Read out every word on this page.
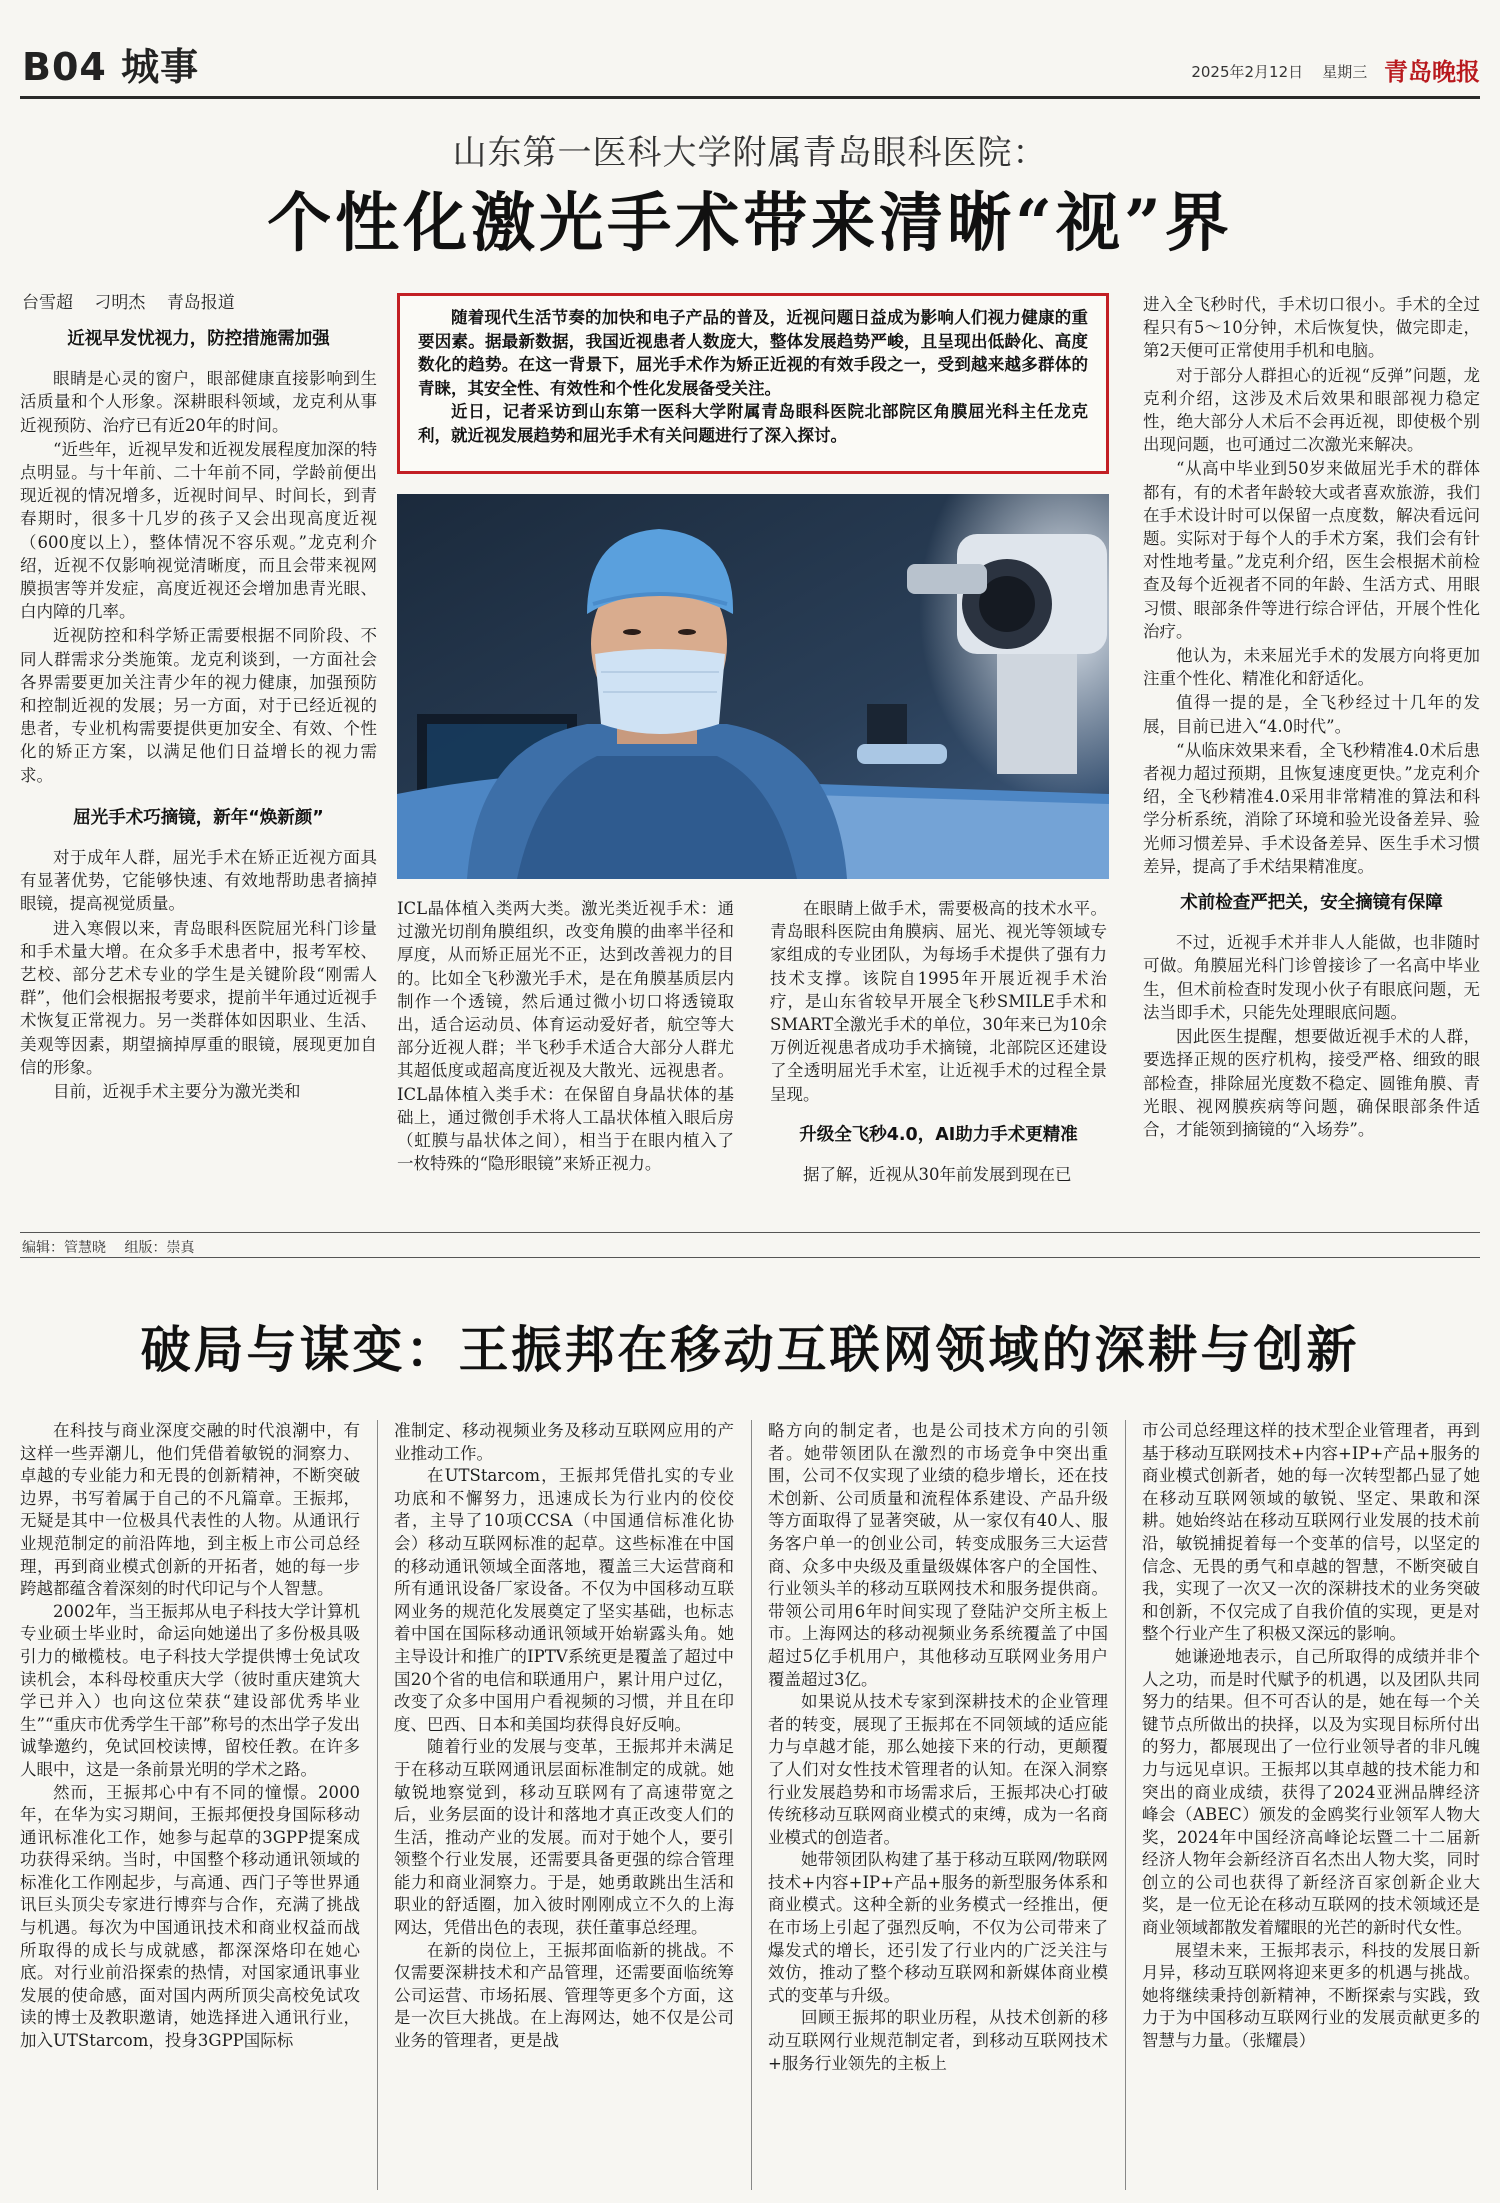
B04 城事	2025年2月12日 星期三 青岛晚报
山东第一医科大学附属青岛眼科医院：
个性化激光手术带来清晰“视”界
台雪超 刁明杰 青岛报道
近视早发忧视力，防控措施需加强

眼睛是心灵的窗户，眼部健康直接影响到生活质量和个人形象。深耕眼科领域，龙克利从事近视预防、治疗已有近20年的时间。

“近些年，近视早发和近视发展程度加深的特点明显。与十年前、二十年前不同，学龄前便出现近视的情况增多，近视时间早、时间长，到青春期时，很多十几岁的孩子又会出现高度近视（600度以上），整体情况不容乐观。”龙克利介绍，近视不仅影响视觉清晰度，而且会带来视网膜损害等并发症，高度近视还会增加患青光眼、白内障的几率。

近视防控和科学矫正需要根据不同阶段、不同人群需求分类施策。龙克利谈到，一方面社会各界需要更加关注青少年的视力健康，加强预防和控制近视的发展；另一方面，对于已经近视的患者，专业机构需要提供更加安全、有效、个性化的矫正方案，以满足他们日益增长的视力需求。

屈光手术巧摘镜，新年“焕新颜”

对于成年人群，屈光手术在矫正近视方面具有显著优势，它能够快速、有效地帮助患者摘掉眼镜，提高视觉质量。

进入寒假以来，青岛眼科医院屈光科门诊量和手术量大增。在众多手术患者中，报考军校、艺校、部分艺术专业的学生是关键阶段“刚需人群”，他们会根据报考要求，提前半年通过近视手术恢复正常视力。另一类群体如因职业、生活、美观等因素，期望摘掉厚重的眼镜，展现更加自信的形象。

目前，近视手术主要分为激光类和

随着现代生活节奏的加快和电子产品的普及，近视问题日益成为影响人们视力健康的重要因素。据最新数据，我国近视患者人数庞大，整体发展趋势严峻，且呈现出低龄化、高度数化的趋势。在这一背景下，屈光手术作为矫正近视的有效手段之一，受到越来越多群体的青睐，其安全性、有效性和个性化发展备受关注。

近日，记者采访到山东第一医科大学附属青岛眼科医院北部院区角膜屈光科主任龙克利，就近视发展趋势和屈光手术有关问题进行了深入探讨。

ICL晶体植入类两大类。激光类近视手术：通过激光切削角膜组织，改变角膜的曲率半径和厚度，从而矫正屈光不正，达到改善视力的目的。比如全飞秒激光手术，是在角膜基质层内制作一个透镜，然后通过微小切口将透镜取出，适合运动员、体育运动爱好者，航空等大部分近视人群；半飞秒手术适合大部分人群尤其超低度或超高度近视及大散光、远视患者。ICL晶体植入类手术：在保留自身晶状体的基础上，通过微创手术将人工晶状体植入眼后房（虹膜与晶状体之间），相当于在眼内植入了一枚特殊的“隐形眼镜”来矫正视力。

在眼睛上做手术，需要极高的技术水平。青岛眼科医院由角膜病、屈光、视光等领域专家组成的专业团队，为每场手术提供了强有力技术支撑。该院自1995年开展近视手术治疗，是山东省较早开展全飞秒SMILE手术和SMART全激光手术的单位，30年来已为10余万例近视患者成功手术摘镜，北部院区还建设了全透明屈光手术室，让近视手术的过程全景呈现。

升级全飞秒4.0，AI助力手术更精准

据了解，近视从30年前发展到现在已

进入全飞秒时代，手术切口很小。手术的全过程只有5～10分钟，术后恢复快，做完即走，第2天便可正常使用手机和电脑。

对于部分人群担心的近视“反弹”问题，龙克利介绍，这涉及术后效果和眼部视力稳定性，绝大部分人术后不会再近视，即使极个别出现问题，也可通过二次激光来解决。

“从高中毕业到50岁来做屈光手术的群体都有，有的术者年龄较大或者喜欢旅游，我们在手术设计时可以保留一点度数，解决看远问题。实际对于每个人的手术方案，我们会有针对性地考量。”龙克利介绍，医生会根据术前检查及每个近视者不同的年龄、生活方式、用眼习惯、眼部条件等进行综合评估，开展个性化治疗。

他认为，未来屈光手术的发展方向将更加注重个性化、精准化和舒适化。

值得一提的是，全飞秒经过十几年的发展，目前已进入“4.0时代”。

“从临床效果来看，全飞秒精准4.0术后患者视力超过预期，且恢复速度更快。”龙克利介绍，全飞秒精准4.0采用非常精准的算法和科学分析系统，消除了环境和验光设备差异、验光师习惯差异、手术设备差异、医生手术习惯差异，提高了手术结果精准度。

术前检查严把关，安全摘镜有保障

不过，近视手术并非人人能做，也非随时可做。角膜屈光科门诊曾接诊了一名高中毕业生，但术前检查时发现小伙子有眼底问题，无法当即手术，只能先处理眼底问题。

因此医生提醒，想要做近视手术的人群，要选择正规的医疗机构，接受严格、细致的眼部检查，排除屈光度数不稳定、圆锥角膜、青光眼、视网膜疾病等问题，确保眼部条件适合，才能领到摘镜的“入场券”。

编辑：管慧晓 组版：崇真
破局与谋变：王振邦在移动互联网领域的深耕与创新

在科技与商业深度交融的时代浪潮中，有这样一些弄潮儿，他们凭借着敏锐的洞察力、卓越的专业能力和无畏的创新精神，不断突破边界，书写着属于自己的不凡篇章。王振邦，无疑是其中一位极具代表性的人物。从通讯行业规范制定的前沿阵地，到主板上市公司总经理，再到商业模式创新的开拓者，她的每一步跨越都蕴含着深刻的时代印记与个人智慧。

2002年，当王振邦从电子科技大学计算机专业硕士毕业时，命运向她递出了多份极具吸引力的橄榄枝。电子科技大学提供博士免试攻读机会，本科母校重庆大学（彼时重庆建筑大学已并入）也向这位荣获“建设部优秀毕业生”“重庆市优秀学生干部”称号的杰出学子发出诚挚邀约，免试回校读博，留校任教。在许多人眼中，这是一条前景光明的学术之路。

然而，王振邦心中有不同的憧憬。2000年，在华为实习期间，王振邦便投身国际移动通讯标准化工作，她参与起草的3GPP提案成功获得采纳。当时，中国整个移动通讯领域的标准化工作刚起步，与高通、西门子等世界通讯巨头顶尖专家进行博弈与合作，充满了挑战与机遇。每次为中国通讯技术和商业权益而战所取得的成长与成就感，都深深烙印在她心底。对行业前沿探索的热情，对国家通讯事业发展的使命感，面对国内两所顶尖高校免试攻读的博士及教职邀请，她选择进入通讯行业，加入UTStarcom，投身3GPP国际标

准制定、移动视频业务及移动互联网应用的产业推动工作。

在UTStarcom，王振邦凭借扎实的专业功底和不懈努力，迅速成长为行业内的佼佼者，主导了10项CCSA（中国通信标准化协会）移动互联网标准的起草。这些标准在中国的移动通讯领域全面落地，覆盖三大运营商和所有通讯设备厂家设备。不仅为中国移动互联网业务的规范化发展奠定了坚实基础，也标志着中国在国际移动通讯领域开始崭露头角。她主导设计和推广的IPTV系统更是覆盖了超过中国20个省的电信和联通用户，累计用户过亿，改变了众多中国用户看视频的习惯，并且在印度、巴西、日本和美国均获得良好反响。

随着行业的发展与变革，王振邦并未满足于在移动互联网通讯层面标准制定的成就。她敏锐地察觉到，移动互联网有了高速带宽之后，业务层面的设计和落地才真正改变人们的生活，推动产业的发展。而对于她个人，要引领整个行业发展，还需要具备更强的综合管理能力和商业洞察力。于是，她勇敢跳出生活和职业的舒适圈，加入彼时刚刚成立不久的上海网达，凭借出色的表现，获任董事总经理。

在新的岗位上，王振邦面临新的挑战。不仅需要深耕技术和产品管理，还需要面临统筹公司运营、市场拓展、管理等更多个方面，这是一次巨大挑战。在上海网达，她不仅是公司业务的管理者，更是战

略方向的制定者，也是公司技术方向的引领者。她带领团队在激烈的市场竞争中突出重围，公司不仅实现了业绩的稳步增长，还在技术创新、公司质量和流程体系建设、产品升级等方面取得了显著突破，从一家仅有40人、服务客户单一的创业公司，转变成服务三大运营商、众多中央级及重量级媒体客户的全国性、行业领头羊的移动互联网技术和服务提供商。带领公司用6年时间实现了登陆沪交所主板上市。上海网达的移动视频业务系统覆盖了中国超过5亿手机用户，其他移动互联网业务用户覆盖超过3亿。

如果说从技术专家到深耕技术的企业管理者的转变，展现了王振邦在不同领域的适应能力与卓越才能，那么她接下来的行动，更颠覆了人们对女性技术管理者的认知。在深入洞察行业发展趋势和市场需求后，王振邦决心打破传统移动互联网商业模式的束缚，成为一名商业模式的创造者。

她带领团队构建了基于移动互联网/物联网技术+内容+IP+产品+服务的新型服务体系和商业模式。这种全新的业务模式一经推出，便在市场上引起了强烈反响，不仅为公司带来了爆发式的增长，还引发了行业内的广泛关注与效仿，推动了整个移动互联网和新媒体商业模式的变革与升级。

回顾王振邦的职业历程，从技术创新的移动互联网行业规范制定者，到移动互联网技术+服务行业领先的主板上

市公司总经理这样的技术型企业管理者，再到基于移动互联网技术+内容+IP+产品+服务的商业模式创新者，她的每一次转型都凸显了她在移动互联网领域的敏锐、坚定、果敢和深耕。她始终站在移动互联网行业发展的技术前沿，敏锐捕捉着每一个变革的信号，以坚定的信念、无畏的勇气和卓越的智慧，不断突破自我，实现了一次又一次的深耕技术的业务突破和创新，不仅完成了自我价值的实现，更是对整个行业产生了积极又深远的影响。

她谦逊地表示，自己所取得的成绩并非个人之功，而是时代赋予的机遇，以及团队共同努力的结果。但不可否认的是，她在每一个关键节点所做出的抉择，以及为实现目标所付出的努力，都展现出了一位行业领导者的非凡魄力与远见卓识。王振邦以其卓越的技术能力和突出的商业成绩，获得了2024亚洲品牌经济峰会（ABEC）颁发的金鸥奖行业领军人物大奖，2024年中国经济高峰论坛暨二十二届新经济人物年会新经济百名杰出人物大奖，同时创立的公司也获得了新经济百家创新企业大奖，是一位无论在移动互联网的技术领域还是商业领域都散发着耀眼的光芒的新时代女性。

展望未来，王振邦表示，科技的发展日新月异，移动互联网将迎来更多的机遇与挑战。她将继续秉持创新精神，不断探索与实践，致力于为中国移动互联网行业的发展贡献更多的智慧与力量。（张耀晨）
